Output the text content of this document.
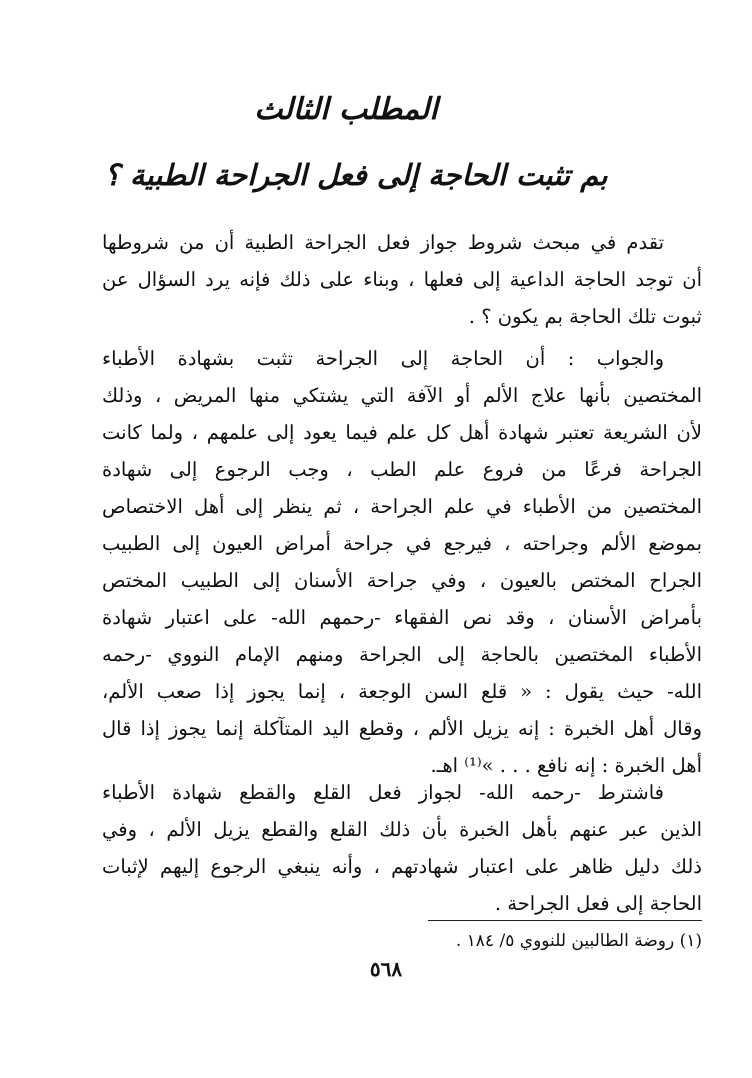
المطلب الثالث
بم تثبت الحاجة إلى فعل الجراحة الطبية ؟
تقدم في مبحث شروط جواز فعل الجراحة الطبية أن من شروطها
أن توجد الحاجة الداعية إلى فعلها ، وبناء على ذلك فإنه يرد السؤال عن
ثبوت تلك الحاجة بم يكون ؟ .
والجواب : أن الحاجة إلى الجراحة تثبت بشهادة الأطباء
المختصين بأنها علاج الألم أو الآفة التي يشتكي منها المريض ، وذلك
لأن الشريعة تعتبر شهادة أهل كل علم فيما يعود إلى علمهم ، ولما كانت
الجراحة فرعًا من فروع علم الطب ، وجب الرجوع إلى شهادة
المختصين من الأطباء في علم الجراحة ، ثم ينظر إلى أهل الاختصاص
بموضع الألم وجراحته ، فيرجع في جراحة أمراض العيون إلى الطبيب
الجراح المختص بالعيون ، وفي جراحة الأسنان إلى الطبيب المختص
بأمراض الأسنان ، وقد نص الفقهاء -رحمهم الله- على اعتبار شهادة
الأطباء المختصين بالحاجة إلى الجراحة ومنهم الإمام النووي -رحمه
الله- حيث يقول : « قلع السن الوجعة ، إنما يجوز إذا صعب الألم،
وقال أهل الخبرة : إنه يزيل الألم ، وقطع اليد المتآكلة إنما يجوز إذا قال
أهل الخبرة : إنه نافع . . . »⁽¹⁾ اهـ.
فاشترط -رحمه الله- لجواز فعل القلع والقطع شهادة الأطباء
الذين عبر عنهم بأهل الخبرة بأن ذلك القلع والقطع يزيل الألم ، وفي
ذلك دليل ظاهر على اعتبار شهادتهم ، وأنه ينبغي الرجوع إليهم لإثبات
الحاجة إلى فعل الجراحة .
(١) روضة الطالبين للنووي ٥/ ١٨٤ .
٥٦٨
